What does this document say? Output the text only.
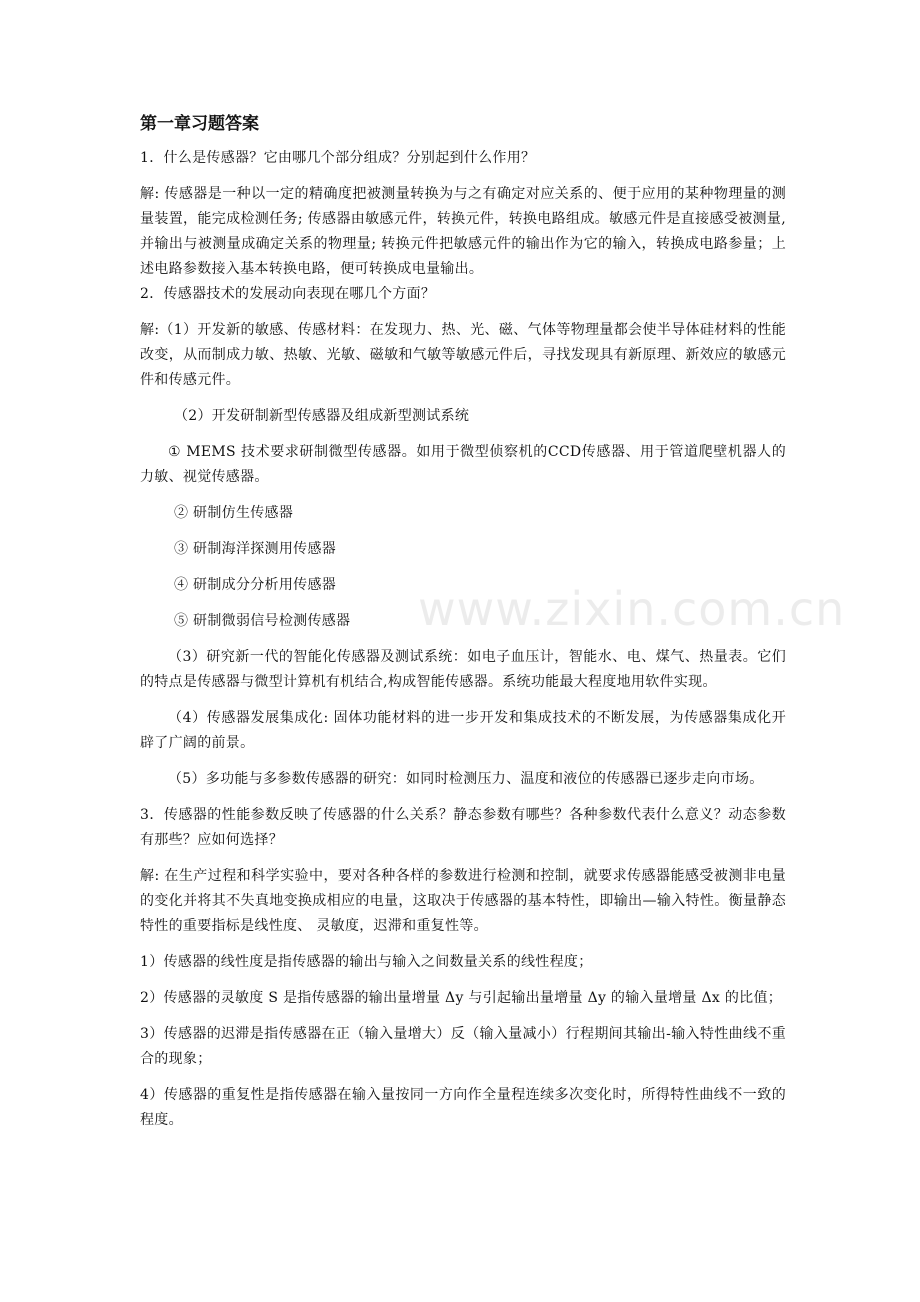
www.zixin.com.cn
第一章习题答案

1．什么是传感器？它由哪几个部分组成？分别起到什么作用？

解: 传感器是一种以一定的精确度把被测量转换为与之有确定对应关系的、便于应用的某种物理量的测量装置，能完成检测任务; 传感器由敏感元件，转换元件，转换电路组成。敏感元件是直接感受被测量,并输出与被测量成确定关系的物理量; 转换元件把敏感元件的输出作为它的输入，转换成电路参量；上述电路参数接入基本转换电路，便可转换成电量输出。

2．传感器技术的发展动向表现在哪几个方面？

解:（1）开发新的敏感、传感材料：在发现力、热、光、磁、气体等物理量都会使半导体硅材料的性能改变，从而制成力敏、热敏、光敏、磁敏和气敏等敏感元件后，寻找发现具有新原理、新效应的敏感元件和传感元件。

（2）开发研制新型传感器及组成新型测试系统

① MEMS 技术要求研制微型传感器。如用于微型侦察机的CCD传感器、用于管道爬壁机器人的力敏、视觉传感器。

② 研制仿生传感器

③ 研制海洋探测用传感器

④ 研制成分分析用传感器

⑤ 研制微弱信号检测传感器

（3）研究新一代的智能化传感器及测试系统：如电子血压计，智能水、电、煤气、热量表。它们的特点是传感器与微型计算机有机结合,构成智能传感器。系统功能最大程度地用软件实现。

（4）传感器发展集成化: 固体功能材料的进一步开发和集成技术的不断发展，为传感器集成化开辟了广阔的前景。

（5）多功能与多参数传感器的研究：如同时检测压力、温度和液位的传感器已逐步走向市场。

3．传感器的性能参数反映了传感器的什么关系？静态参数有哪些？各种参数代表什么意义？动态参数有那些？应如何选择？

解: 在生产过程和科学实验中，要对各种各样的参数进行检测和控制，就要求传感器能感受被测非电量的变化并将其不失真地变换成相应的电量，这取决于传感器的基本特性，即输出—输入特性。衡量静态特性的重要指标是线性度、 灵敏度，迟滞和重复性等。

1）传感器的线性度是指传感器的输出与输入之间数量关系的线性程度；

2）传感器的灵敏度 S 是指传感器的输出量增量 Δy 与引起输出量增量 Δy 的输入量增量 Δx 的比值；

3）传感器的迟滞是指传感器在正（输入量增大）反（输入量减小）行程期间其输出-输入特性曲线不重合的现象；

4）传感器的重复性是指传感器在输入量按同一方向作全量程连续多次变化时，所得特性曲线不一致的程度。
